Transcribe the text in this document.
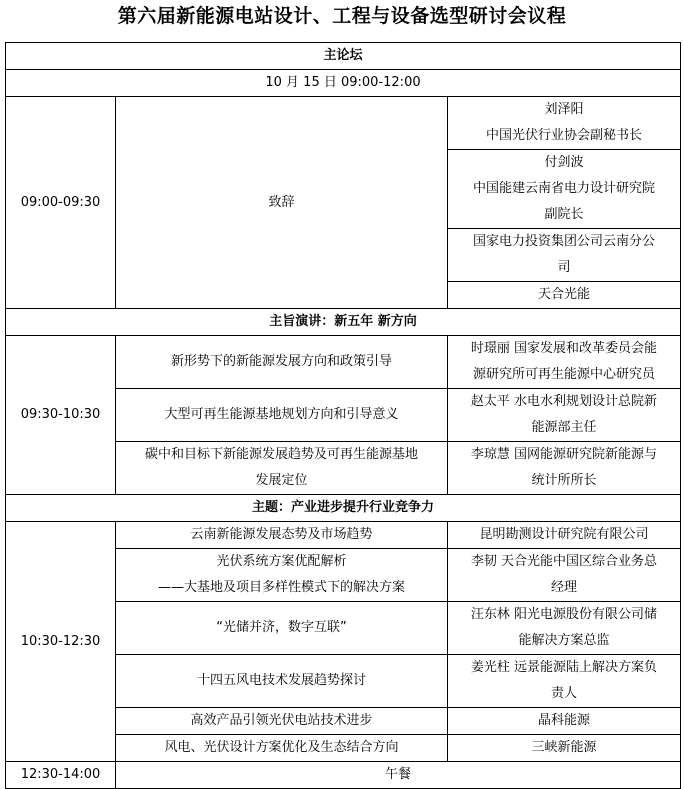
第六届新能源电站设计、工程与设备选型研讨会议程
主论坛		
10 月 15 日 09:00-12:00		
09:00-09:30	致辞	刘泽阳
中国光伏行业协会副秘书长

		付剑波
中国能建云南省电力设计研究院
副院长

		国家电力投资集团公司云南分公
司

		天合光能
主旨演讲：新五年 新方向		
09:30-10:30	新形势下的新能源发展方向和政策引导	时璟丽 国家发展和改革委员会能
源研究所可再生能源中心研究员

	大型可再生能源基地规划方向和引导意义	赵太平 水电水利规划设计总院新
能源部主任

	碳中和目标下新能源发展趋势及可再生能源基地
发展定位	李琼慧 国网能源研究院新能源与
统计所所长

主题：产业进步提升行业竞争力		
10:30-12:30	云南新能源发展态势及市场趋势	昆明勘测设计研究院有限公司

	光伏系统方案优配解析
——大基地及项目多样性模式下的解决方案	李韧 天合光能中国区综合业务总
经理

	“光储并济，数字互联”	汪东林 阳光电源股份有限公司储
能解决方案总监

	十四五风电技术发展趋势探讨	姜光柱 远景能源陆上解决方案负
责人

	高效产品引领光伏电站技术进步	晶科能源
	风电、光伏设计方案优化及生态结合方向	三峡新能源
12:30-14:00	午餐	
